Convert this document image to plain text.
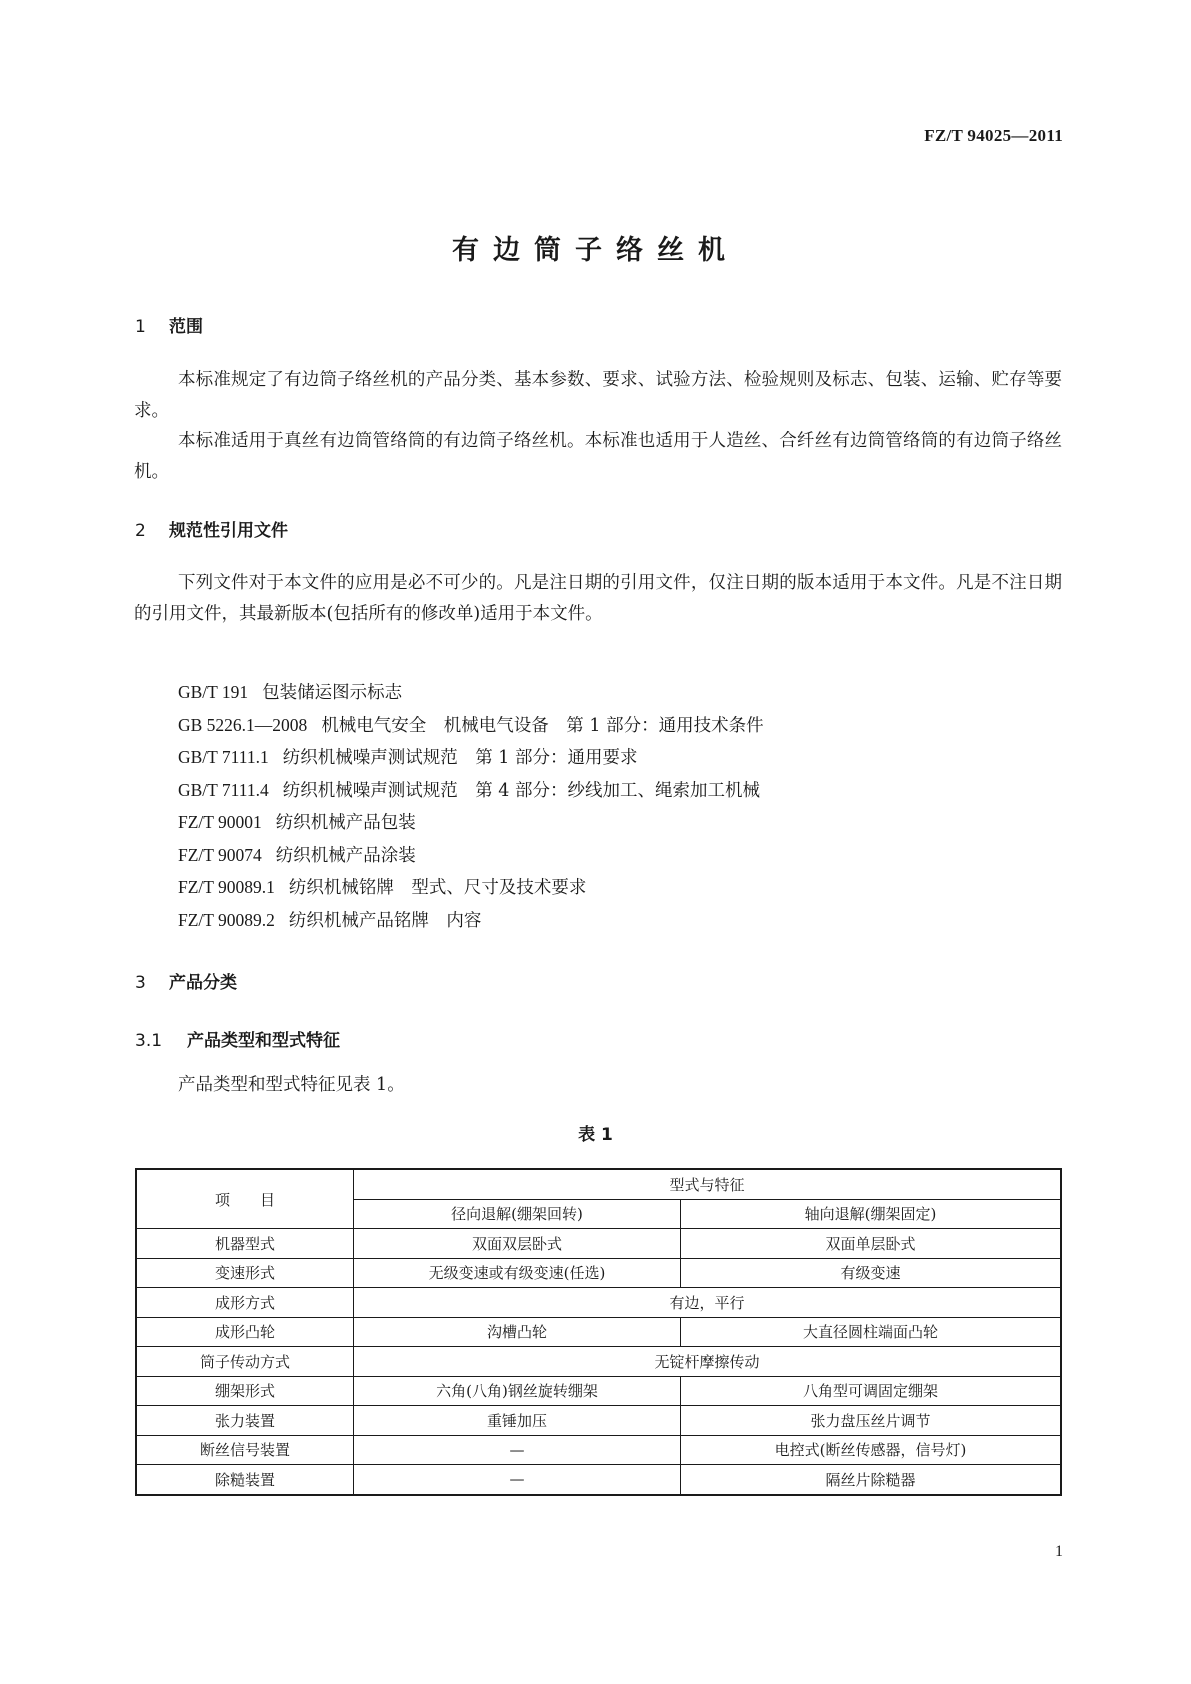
FZ/T 94025—2011
有边筒子络丝机
1 范围
本标准规定了有边筒子络丝机的产品分类、基本参数、要求、试验方法、检验规则及标志、包装、运输、贮存等要求。
本标准适用于真丝有边筒管络筒的有边筒子络丝机。本标准也适用于人造丝、合纤丝有边筒管络筒的有边筒子络丝机。
2 规范性引用文件
下列文件对于本文件的应用是必不可少的。凡是注日期的引用文件，仅注日期的版本适用于本文件。凡是不注日期的引用文件，其最新版本(包括所有的修改单)适用于本文件。
GB/T 191 包装储运图示标志
GB 5226.1—2008 机械电气安全　机械电气设备　第 1 部分：通用技术条件
GB/T 7111.1 纺织机械噪声测试规范　第 1 部分：通用要求
GB/T 7111.4 纺织机械噪声测试规范　第 4 部分：纱线加工、绳索加工机械
FZ/T 90001 纺织机械产品包装
FZ/T 90074 纺织机械产品涂装
FZ/T 90089.1 纺织机械铭牌　型式、尺寸及技术要求
FZ/T 90089.2 纺织机械产品铭牌　内容
3 产品分类
3.1 产品类型和型式特征
产品类型和型式特征见表 1。
表 1
项　　目	型式与特征	
	径向退解(绷架回转)	轴向退解(绷架固定)
机器型式	双面双层卧式	双面单层卧式
变速形式	无级变速或有级变速(任选)	有级变速
成形方式	有边，平行	
成形凸轮	沟槽凸轮	大直径圆柱端面凸轮
筒子传动方式	无锭杆摩擦传动	
绷架形式	六角(八角)钢丝旋转绷架	八角型可调固定绷架
张力装置	重锤加压	张力盘压丝片调节
断丝信号装置	—	电控式(断丝传感器，信号灯)
除糙装置	—	隔丝片除糙器
1
